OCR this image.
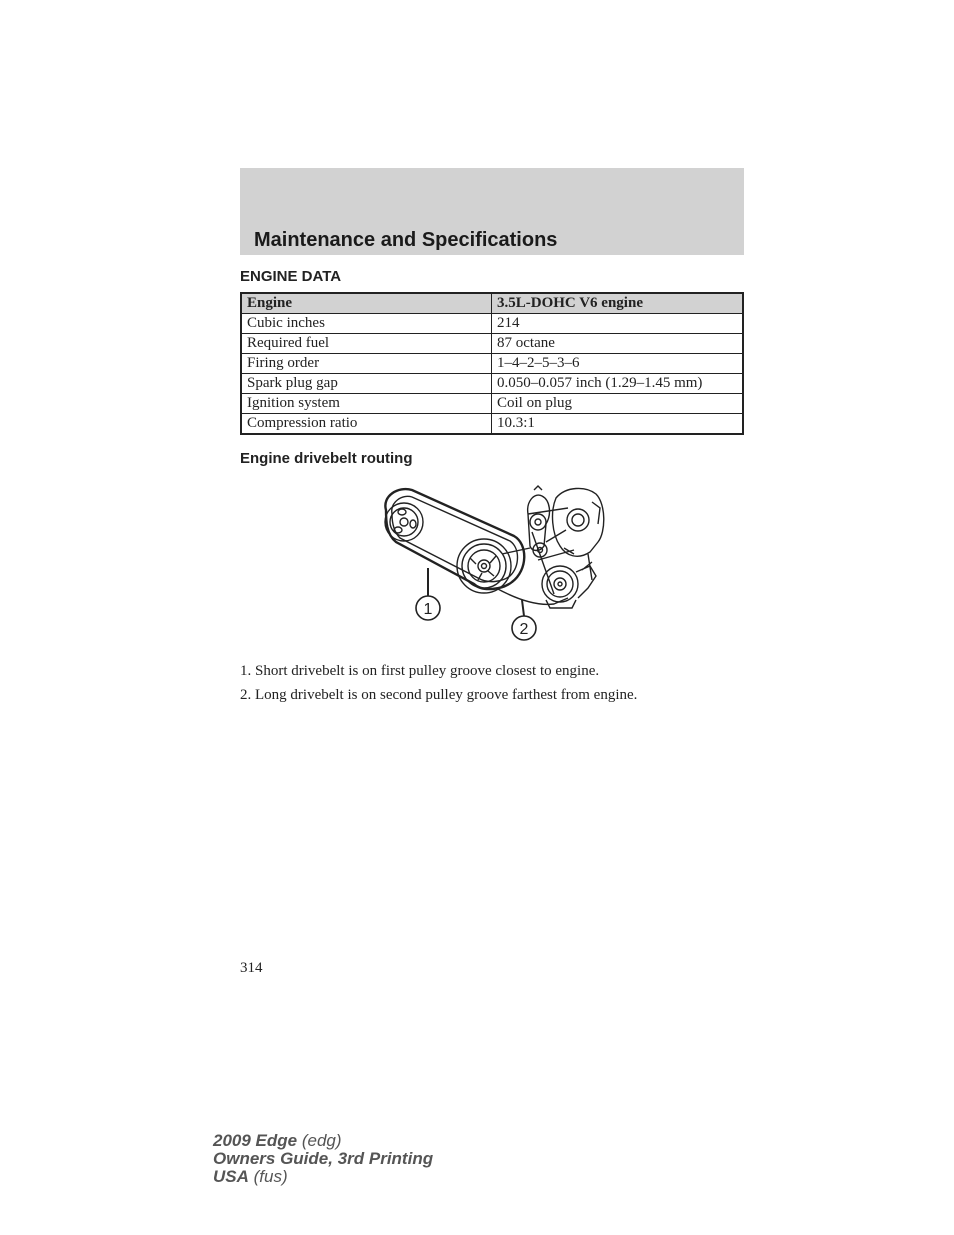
Maintenance and Specifications
ENGINE DATA
Engine	3.5L-DOHC V6 engine
Cubic inches	214
Required fuel	87 octane
Firing order	1–4–2–5–3–6
Spark plug gap	0.050–0.057 inch (1.29–1.45 mm)
Ignition system	Coil on plug
Compression ratio	10.3:1
Engine drivebelt routing
1
2

1. Short drivebelt is on first pulley groove closest to engine.

2. Long drivebelt is on second pulley groove farthest from engine.

314

2009 Edge (edg)
Owners Guide, 3rd Printing
USA (fus)
